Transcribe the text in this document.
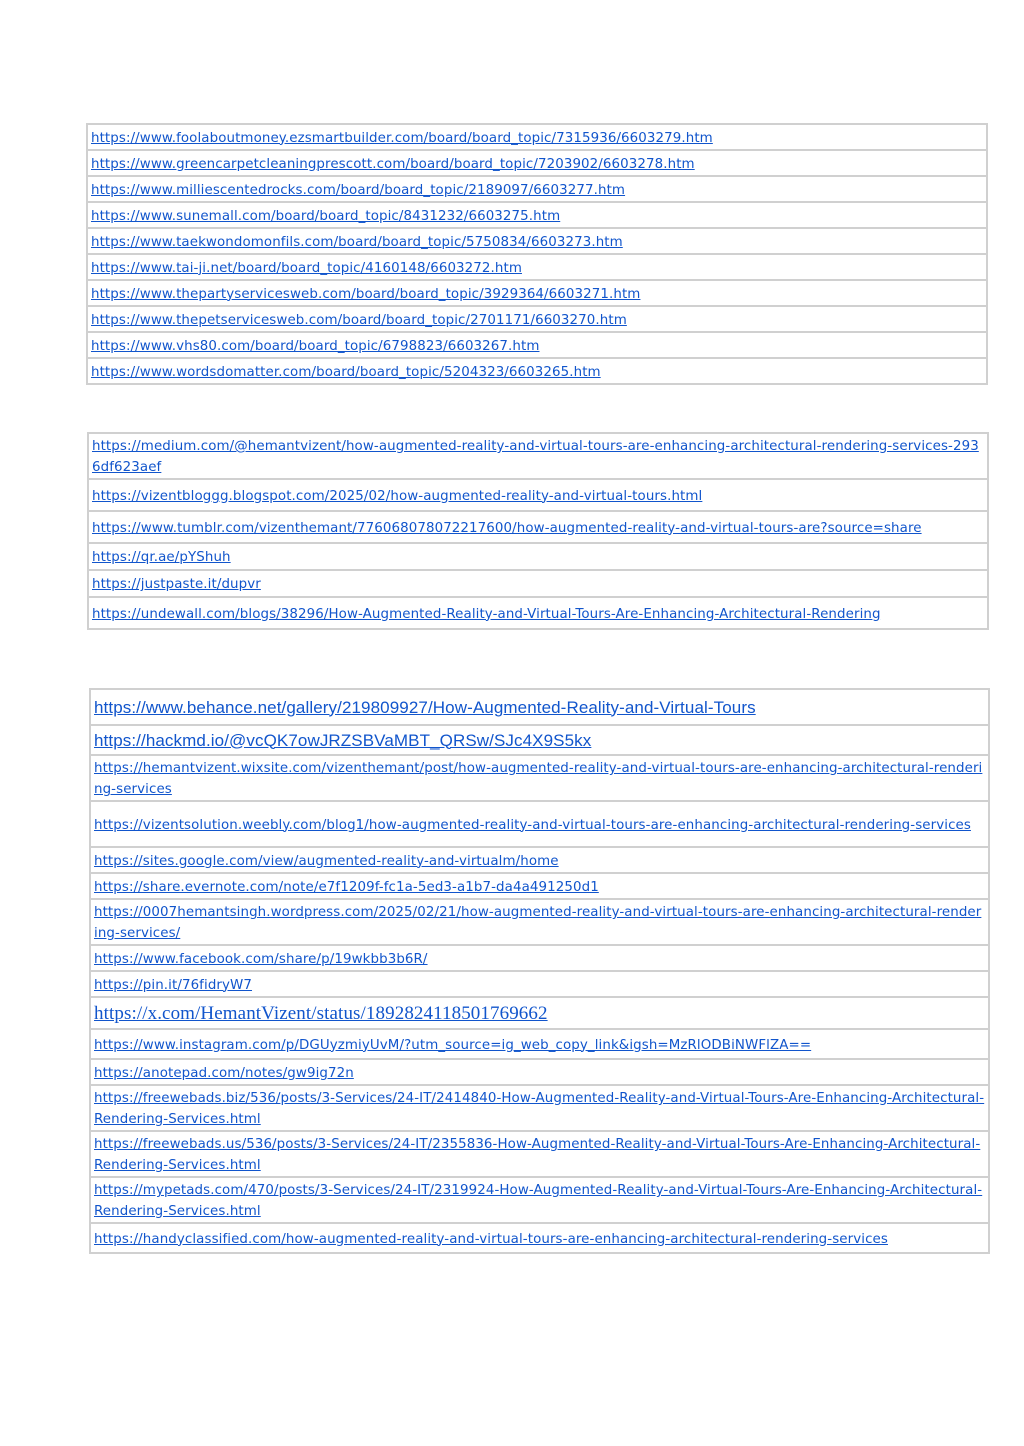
https://www.foolaboutmoney.ezsmartbuilder.com/board/board_topic/7315936/6603279.htm
https://www.greencarpetcleaningprescott.com/board/board_topic/7203902/6603278.htm
https://www.milliescentedrocks.com/board/board_topic/2189097/6603277.htm
https://www.sunemall.com/board/board_topic/8431232/6603275.htm
https://www.taekwondomonfils.com/board/board_topic/5750834/6603273.htm
https://www.tai-ji.net/board/board_topic/4160148/6603272.htm
https://www.thepartyservicesweb.com/board/board_topic/3929364/6603271.htm
https://www.thepetservicesweb.com/board/board_topic/2701171/6603270.htm
https://www.vhs80.com/board/board_topic/6798823/6603267.htm
https://www.wordsdomatter.com/board/board_topic/5204323/6603265.htm
https://medium.com/@hemantvizent/how-augmented-reality-and-virtual-tours-are-enhancing-architectural-rendering-services-2936df623aef
https://vizentbloggg.blogspot.com/2025/02/how-augmented-reality-and-virtual-tours.html
https://www.tumblr.com/vizenthemant/776068078072217600/how-augmented-reality-and-virtual-tours-are?source=share
https://qr.ae/pYShuh
https://justpaste.it/dupvr
https://undewall.com/blogs/38296/How-Augmented-Reality-and-Virtual-Tours-Are-Enhancing-Architectural-Rendering
https://www.behance.net/gallery/219809927/How-Augmented-Reality-and-Virtual-Tours
https://hackmd.io/@vcQK7owJRZSBVaMBT_QRSw/SJc4X9S5kx
https://hemantvizent.wixsite.com/vizenthemant/post/how-augmented-reality-and-virtual-tours-are-enhancing-architectural-rendering-services
https://vizentsolution.weebly.com/blog1/how-augmented-reality-and-virtual-tours-are-enhancing-architectural-rendering-services
https://sites.google.com/view/augmented-reality-and-virtualm/home
https://share.evernote.com/note/e7f1209f-fc1a-5ed3-a1b7-da4a491250d1
https://0007hemantsingh.wordpress.com/2025/02/21/how-augmented-reality-and-virtual-tours-are-enhancing-architectural-rendering-services/
https://www.facebook.com/share/p/19wkbb3b6R/
https://pin.it/76fidryW7
https://x.com/HemantVizent/status/1892824118501769662
https://www.instagram.com/p/DGUyzmiyUvM/?utm_source=ig_web_copy_link&igsh=MzRlODBiNWFlZA==
https://anotepad.com/notes/gw9ig72n
https://freewebads.biz/536/posts/3-Services/24-IT/2414840-How-Augmented-Reality-and-Virtual-Tours-Are-Enhancing-Architectural-Rendering-Services.html
https://freewebads.us/536/posts/3-Services/24-IT/2355836-How-Augmented-Reality-and-Virtual-Tours-Are-Enhancing-Architectural-Rendering-Services.html
https://mypetads.com/470/posts/3-Services/24-IT/2319924-How-Augmented-Reality-and-Virtual-Tours-Are-Enhancing-Architectural-Rendering-Services.html
https://handyclassified.com/how-augmented-reality-and-virtual-tours-are-enhancing-architectural-rendering-services
